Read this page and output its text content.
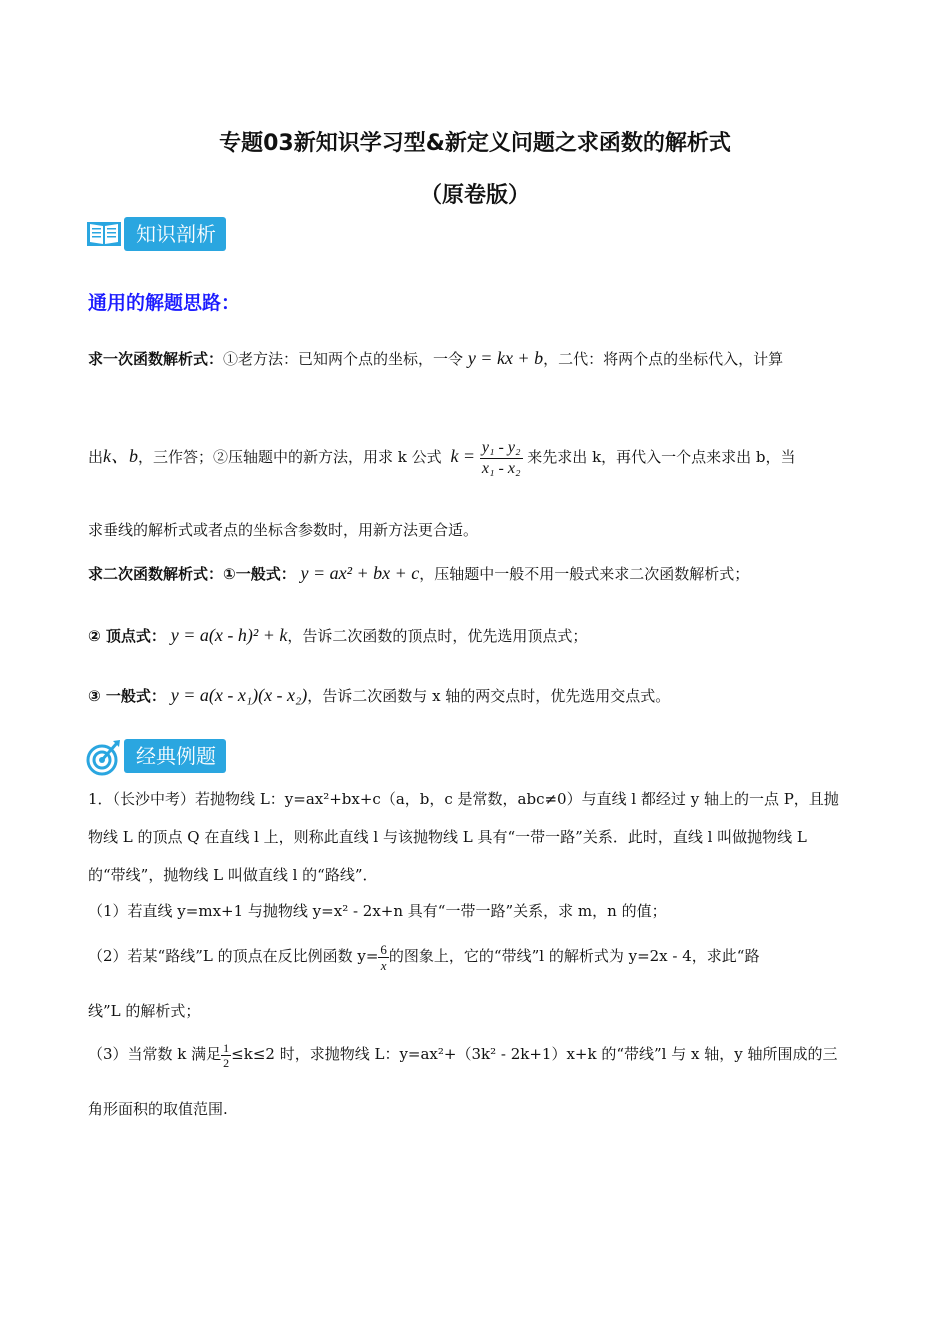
专题03新知识学习型&新定义问题之求函数的解析式
（原卷版）
知识剖析
通用的解题思路：
求一次函数解析式：①老方法：已知两个点的坐标，一令 y = kx + b，二代：将两个点的坐标代入，计算
出k、b，三作答；②压轴题中的新方法，用求 k 公式 $k = \frac{\text{y₁ - y₂}}{\text{x₁ - x₂}}$ 来先求出 k，再代入一个点来求出 b，当
求垂线的解析式或者点的坐标含参数时，用新方法更合适。
求二次函数解析式：①一般式： y = ax² + bx + c，压轴题中一般不用一般式来求二次函数解析式；
② 顶点式： y = a(x - h)² + k，告诉二次函数的顶点时，优先选用顶点式；
③ 一般式： y = a(x - x₁)(x - x₂)，告诉二次函数与 x 轴的两交点时，优先选用交点式。
经典例题
1．（长沙中考）若抛物线 L：y=ax²+bx+c（a，b，c 是常数，abc≠0）与直线 l 都经过 y 轴上的一点 P，且抛
物线 L 的顶点 Q 在直线 l 上，则称此直线 l 与该抛物线 L 具有“一带一路”关系．此时，直线 l 叫做抛物线 L
的“带线”，抛物线 L 叫做直线 l 的“路线”．
（1）若直线 y=mx+1 与抛物线 y=x² - 2x+n 具有“一带一路”关系，求 m，n 的值；
（2）若某“路线”L 的顶点在反比例函数 $y= \frac{6}{x}$ 的图象上，它的“带线”l 的解析式为 y=2x - 4，求此“路
线”L 的解析式；
（3）当常数 k 满足 $\frac{1}{2} \le k\le 2$ 时，求抛物线 L：y=ax²+（3k² - 2k+1）x+k 的“带线”l 与 x 轴，y 轴所围成的三
角形面积的取值范围.
